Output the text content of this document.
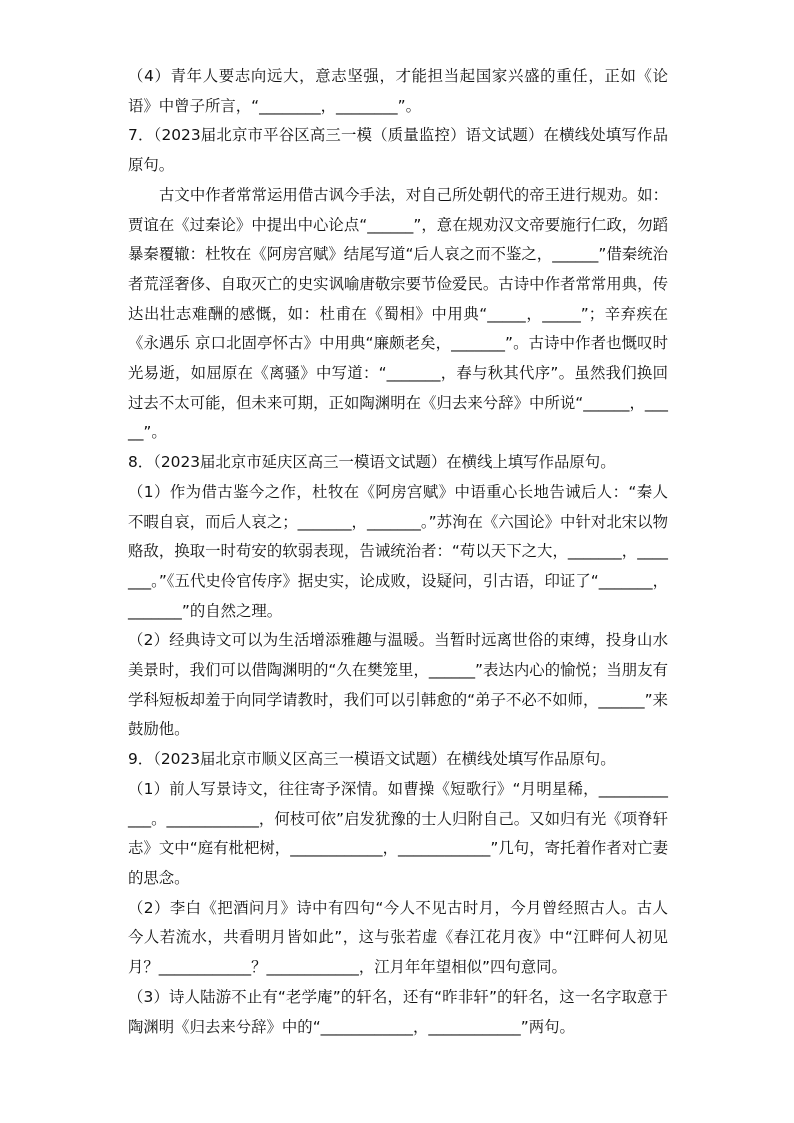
（4）青年人要志向远大，意志坚强，才能担当起国家兴盛的重任，正如《论语》中曾子所言，“________，________”。

7．（2023届北京市平谷区高三一模（质量监控）语文试题）在横线处填写作品原句。

古文中作者常常运用借古讽今手法，对自己所处朝代的帝王进行规劝。如：贾谊在《过秦论》中提出中心论点“______”，意在规劝汉文帝要施行仁政，勿蹈暴秦覆辙：杜牧在《阿房宫赋》结尾写道“后人哀之而不鉴之，______”借秦统治者荒淫奢侈、自取灭亡的史实讽喻唐敬宗要节俭爱民。古诗中作者常常用典，传达出壮志难酬的感慨，如：杜甫在《蜀相》中用典“_____，_____”；辛弃疾在《永遇乐 京口北固亭怀古》中用典“廉颇老矣，_______”。古诗中作者也慨叹时光易逝，如屈原在《离骚》中写道：“_______，春与秋其代序”。虽然我们换回过去不太可能，但未来可期，正如陶渊明在《归去来兮辞》中所说“______，_____”。

8．（2023届北京市延庆区高三一模语文试题）在横线上填写作品原句。

（1）作为借古鉴今之作，杜牧在《阿房宫赋》中语重心长地告诫后人：“秦人不暇自哀，而后人哀之；_______，_______。”苏洵在《六国论》中针对北宋以物赂敌，换取一时苟安的软弱表现，告诫统治者：“苟以天下之大，_______，_______。”《五代史伶官传序》据史实，论成败，设疑问，引古语，印证了“_______，_______”的自然之理。

（2）经典诗文可以为生活增添雅趣与温暖。当暂时远离世俗的束缚，投身山水美景时，我们可以借陶渊明的“久在樊笼里，______”表达内心的愉悦；当朋友有学科短板却羞于向同学请教时，我们可以引韩愈的“弟子不必不如师，______”来鼓励他。

9．（2023届北京市顺义区高三一模语文试题）在横线处填写作品原句。

（1）前人写景诗文，往往寄予深情。如曹操《短歌行》“月明星稀，____________。____________，何枝可依”启发犹豫的士人归附自己。又如归有光《项脊轩志》文中“庭有枇杷树，____________，____________”几句，寄托着作者对亡妻的思念。

（2）李白《把酒问月》诗中有四句“今人不见古时月，今月曾经照古人。古人今人若流水，共看明月皆如此”，这与张若虚《春江花月夜》中“江畔何人初见月？____________？____________，江月年年望相似”四句意同。

（3）诗人陆游不止有“老学庵”的轩名，还有“昨非轩”的轩名，这一名字取意于陶渊明《归去来兮辞》中的“____________，____________”两句。
